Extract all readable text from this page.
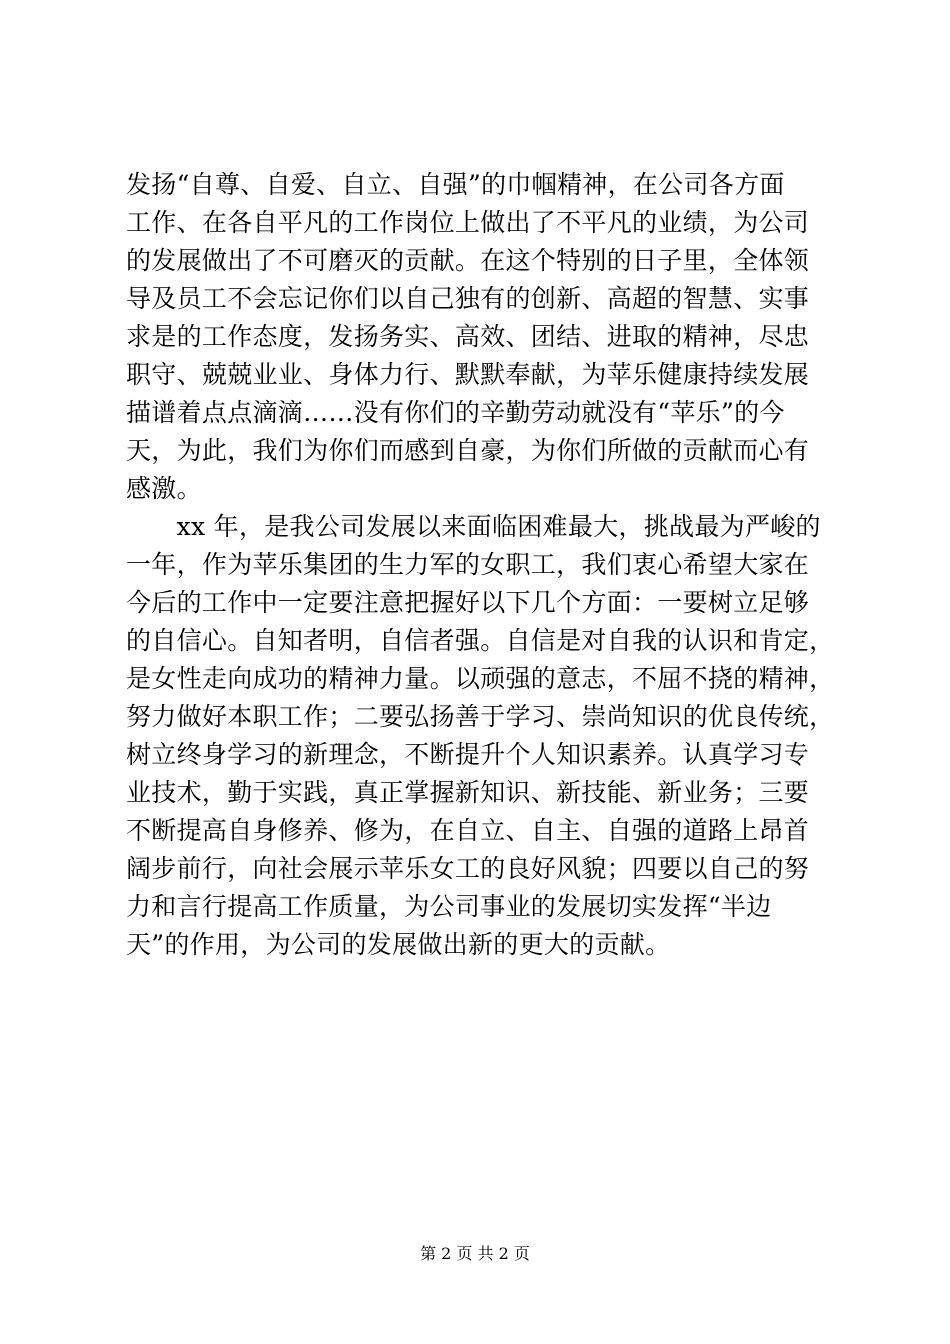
发扬“自尊、自爱、自立、自强”的巾帼精神，在公司各方面
工作、在各自平凡的工作岗位上做出了不平凡的业绩，为公司
的发展做出了不可磨灭的贡献。在这个特别的日子里，全体领
导及员工不会忘记你们以自己独有的创新、高超的智慧、实事
求是的工作态度，发扬务实、高效、团结、进取的精神，尽忠
职守、兢兢业业、身体力行、默默奉献，为苹乐健康持续发展
描谱着点点滴滴……没有你们的辛勤劳动就没有“苹乐”的今
天，为此，我们为你们而感到自豪，为你们所做的贡献而心有
感激。
　　xx 年，是我公司发展以来面临困难最大，挑战最为严峻的
一年，作为苹乐集团的生力军的女职工，我们衷心希望大家在
今后的工作中一定要注意把握好以下几个方面：一要树立足够
的自信心。自知者明，自信者强。自信是对自我的认识和肯定，
是女性走向成功的精神力量。以顽强的意志，不屈不挠的精神，
努力做好本职工作；二要弘扬善于学习、崇尚知识的优良传统，
树立终身学习的新理念，不断提升个人知识素养。认真学习专
业技术，勤于实践，真正掌握新知识、新技能、新业务；三要
不断提高自身修养、修为，在自立、自主、自强的道路上昂首
阔步前行，向社会展示苹乐女工的良好风貌；四要以自己的努
力和言行提高工作质量，为公司事业的发展切实发挥“半边
天”的作用，为公司的发展做出新的更大的贡献。
第 2 页 共 2 页
